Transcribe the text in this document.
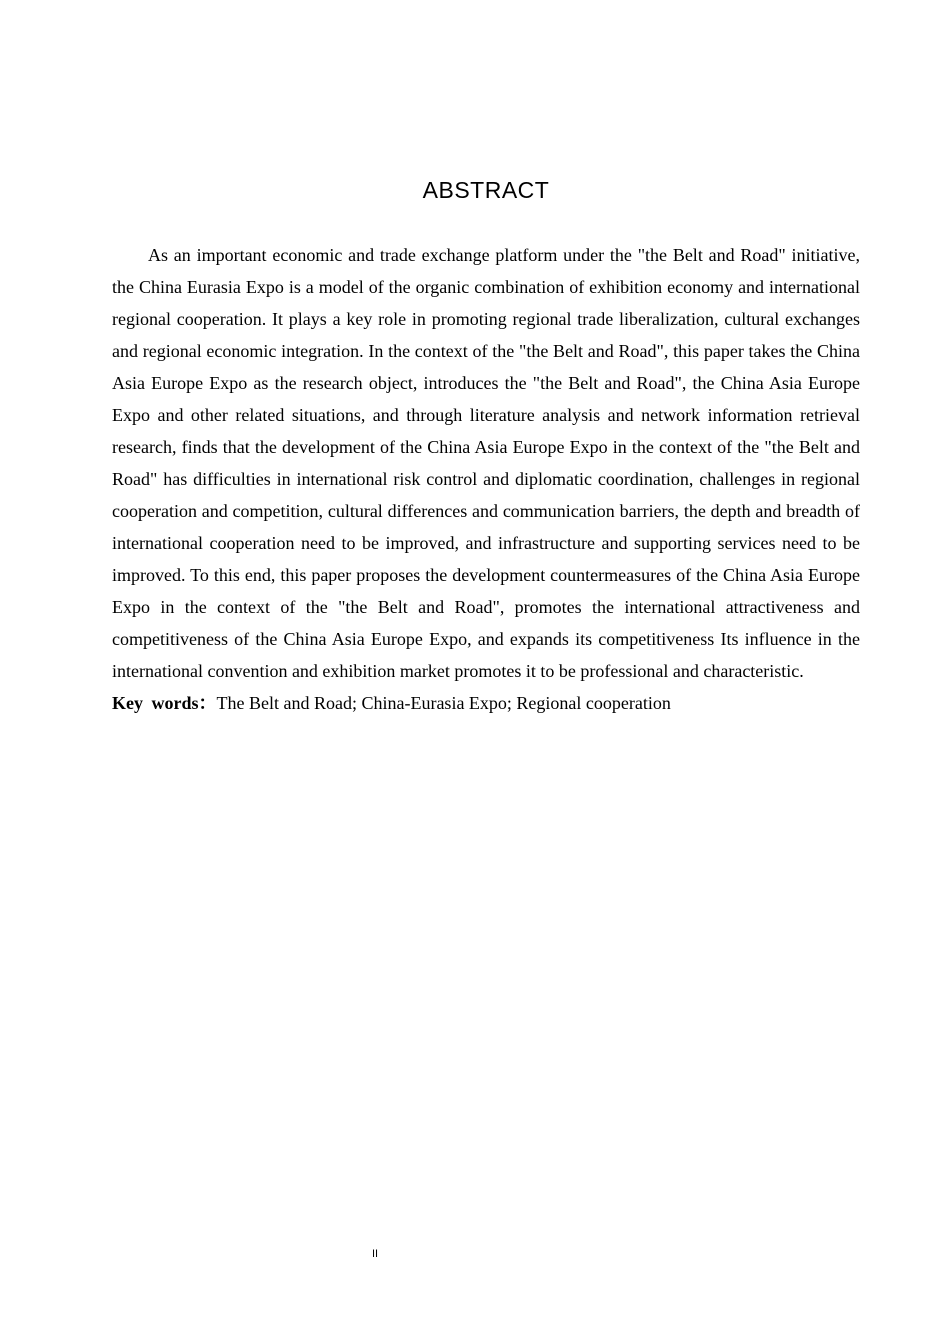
ABSTRACT

As an important economic and trade exchange platform under the "the Belt and Road" initiative, the China Eurasia Expo is a model of the organic combination of exhibition economy and international regional cooperation. It plays a key role in promoting regional trade liberalization, cultural exchanges and regional economic integration. In the context of the "the Belt and Road", this paper takes the China Asia Europe Expo as the research object, introduces the "the Belt and Road", the China Asia Europe Expo and other related situations, and through literature analysis and network information retrieval research, finds that the development of the China Asia Europe Expo in the context of the "the Belt and Road" has difficulties in international risk control and diplomatic coordination, challenges in regional cooperation and competition, cultural differences and communication barriers, the depth and breadth of international cooperation need to be improved, and infrastructure and supporting services need to be improved. To this end, this paper proposes the development countermeasures of the China Asia Europe Expo in the context of the "the Belt and Road", promotes the international attractiveness and competitiveness of the China Asia Europe Expo, and expands its competitiveness Its influence in the international convention and exhibition market promotes it to be professional and characteristic.

Key words：The Belt and Road; China-Eurasia Expo; Regional cooperation

II
